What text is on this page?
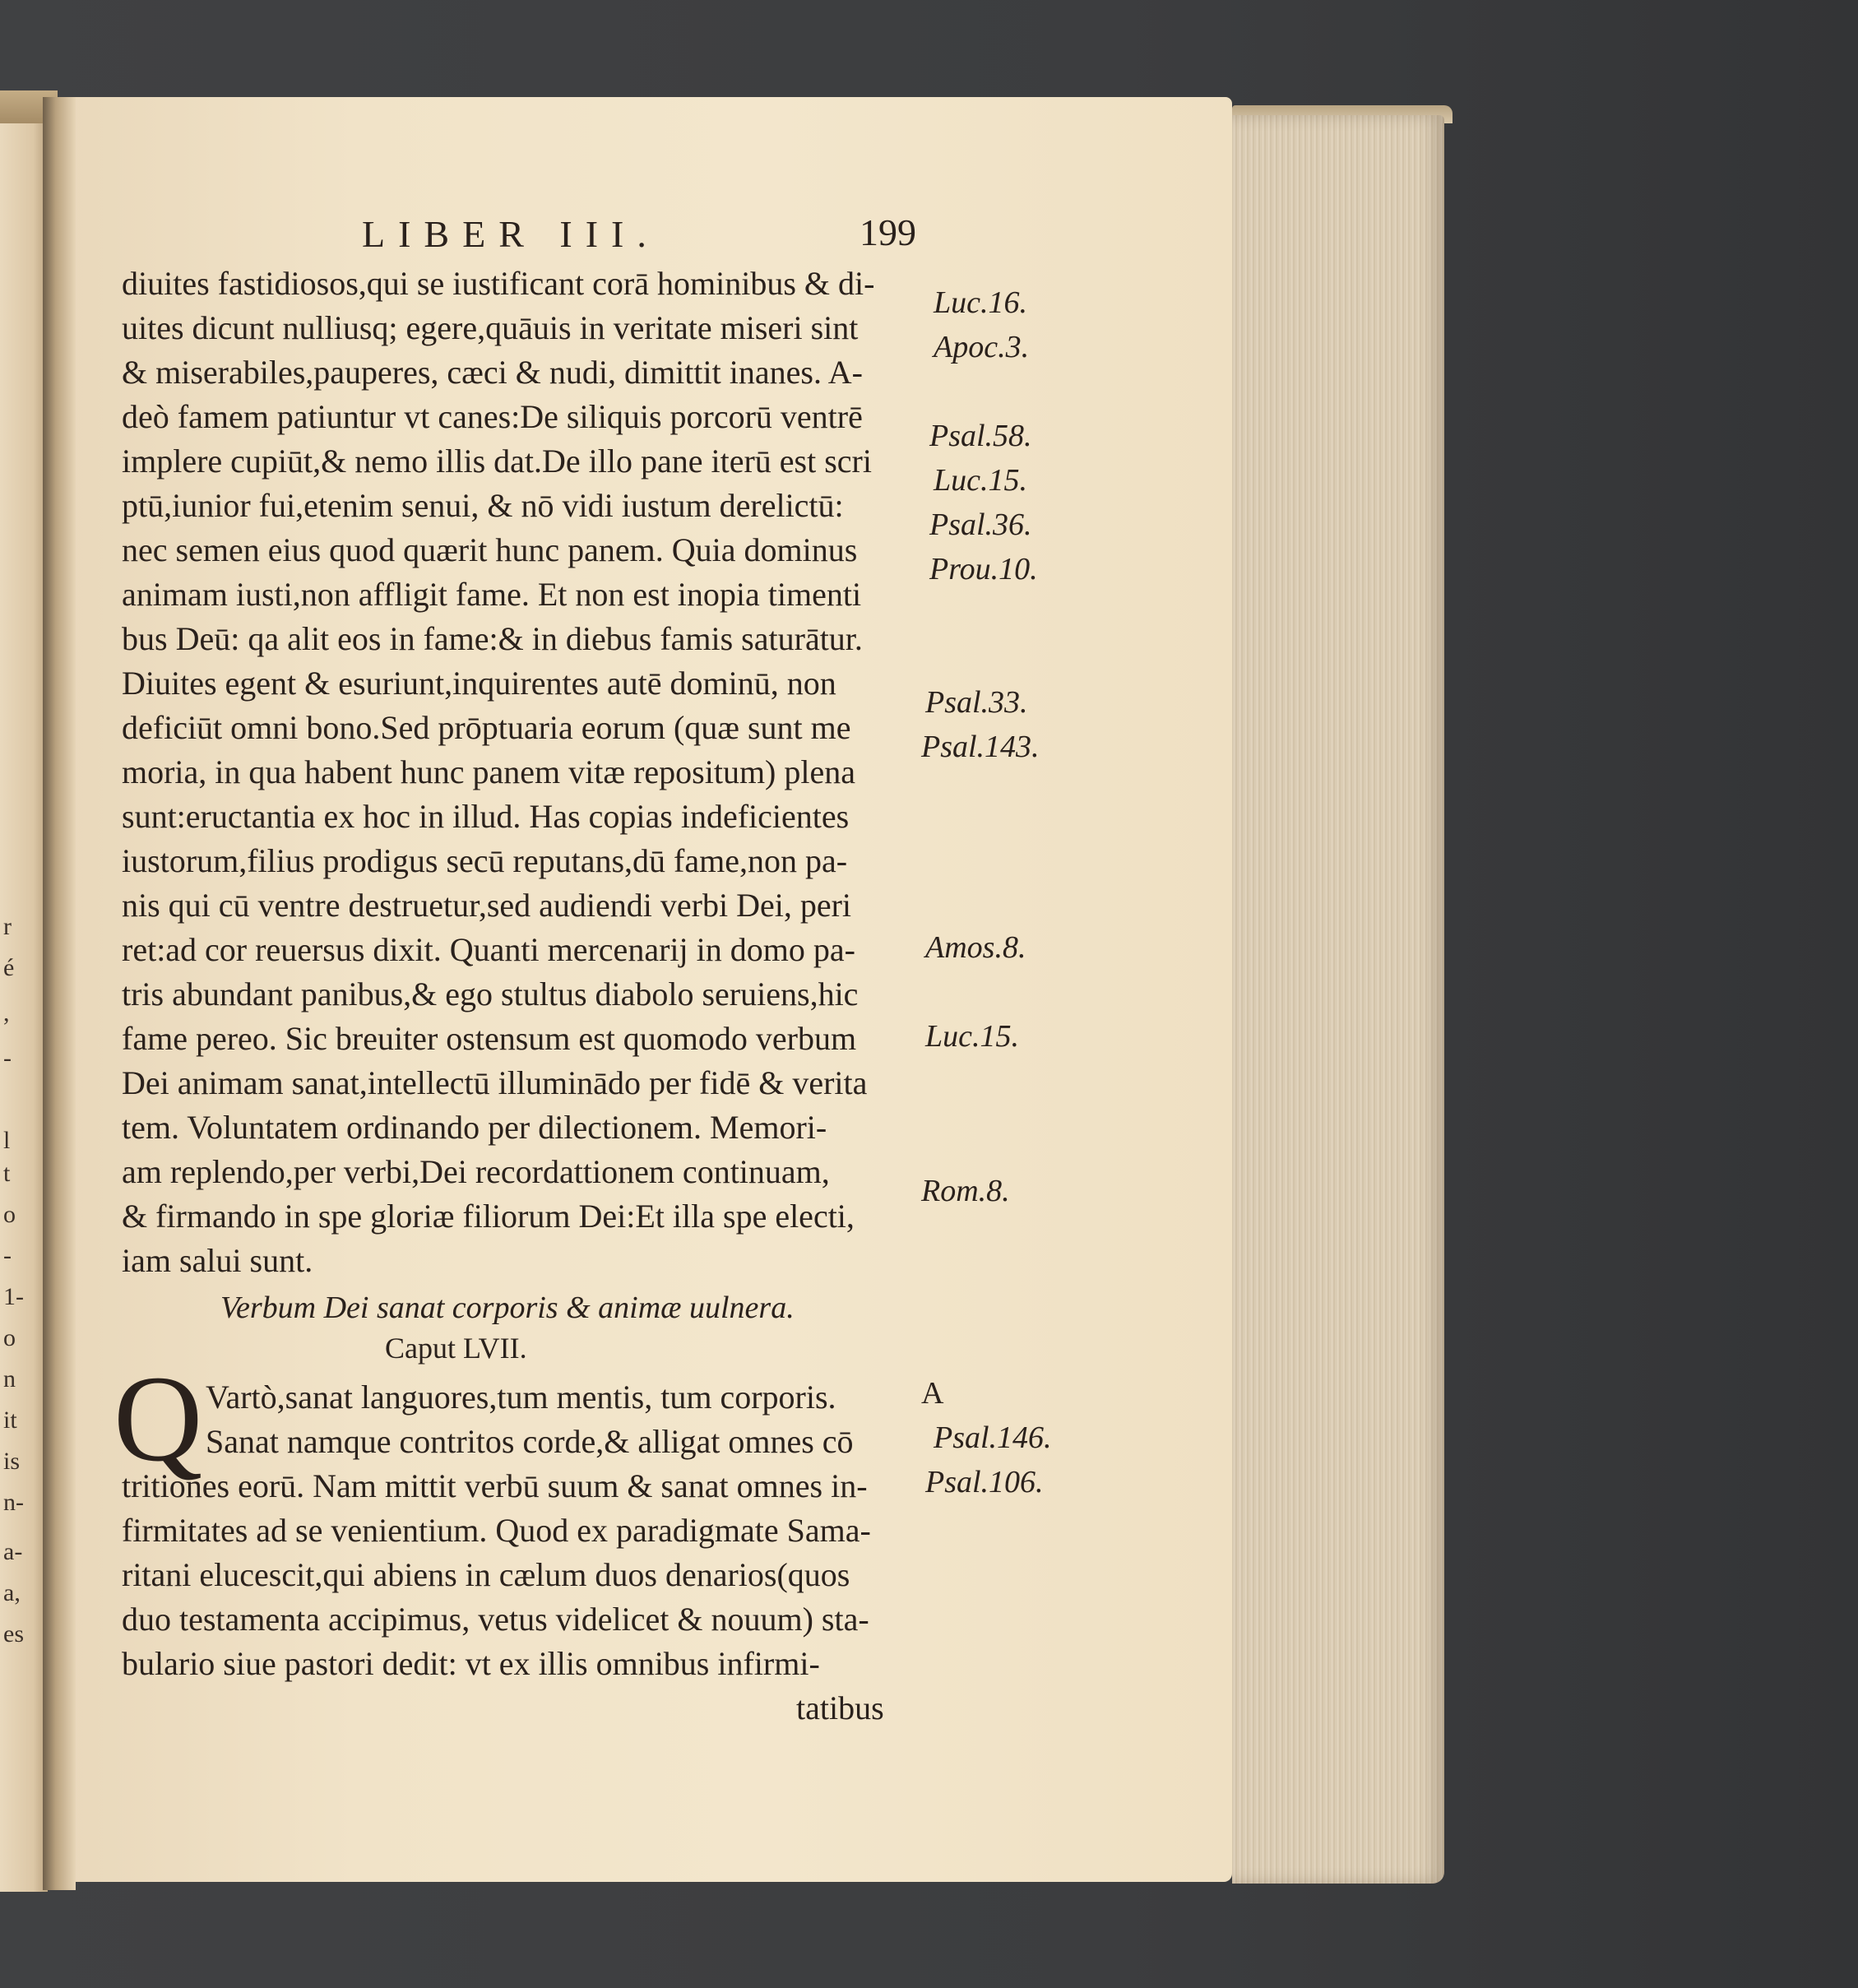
r
é
,
-
l
t
o
-
1-
o
n
it
is
n-
a-
a,
es

LIBER III.	199

diuites fastidiosos,qui se iustificant corā hominibus & di-

uites dicunt nulliusq; egere,quāuis in veritate miseri sint

& miserabiles,pauperes, cæci & nudi, dimittit inanes. A-

deò famem patiuntur vt canes:De siliquis porcorū ventrē

implere cupiūt,& nemo illis dat.De illo pane iterū est scri

ptū,iunior fui,etenim senui, & nō vidi iustum derelictū:

nec semen eius quod quærit hunc panem. Quia dominus

animam iusti,non affligit fame. Et non est inopia timenti

bus Deū: qa alit eos in fame:& in diebus famis saturātur.

Diuites egent & esuriunt,inquirentes autē dominū, non

deficiūt omni bono.Sed prōptuaria eorum (quæ sunt me

moria, in qua habent hunc panem vitæ repositum) plena

sunt:eructantia ex hoc in illud. Has copias indeficientes

iustorum,filius prodigus secū reputans,dū fame,non pa-

nis qui cū ventre destruetur,sed audiendi verbi Dei, peri

ret:ad cor reuersus dixit. Quanti mercenarij in domo pa-

tris abundant panibus,& ego stultus diabolo seruiens,hic

fame pereo. Sic breuiter ostensum est quomodo verbum

Dei animam sanat,intellectū illuminādo per fidē & verita

tem. Voluntatem ordinando per dilectionem. Memori-

am replendo,per verbi,Dei recordattionem continuam,

& firmando in spe gloriæ filiorum Dei:Et illa spe electi,

iam salui sunt.

Verbum Dei sanat corporis & animæ uulnera.

Caput LVII.

Q Vartò,sanat languores,tum mentis, tum corporis.

Sanat namque contritos corde,& alligat omnes cō

tritiones eorū. Nam mittit verbū suum & sanat omnes in-

firmitates ad se venientium. Quod ex paradigmate Sama-

ritani elucescit,qui abiens in cælum duos denarios(quos

duo testamenta accipimus, vetus videlicet & nouum) sta-

bulario siue pastori dedit: vt ex illis omnibus infirmi-

tatibus

Luc.16.

Apoc.3.

Psal.58.

Luc.15.

Psal.36.

Prou.10.

Psal.33.

Psal.143.

Amos.8.

Luc.15.

Rom.8.

Psal.146.

Psal.106.

A
